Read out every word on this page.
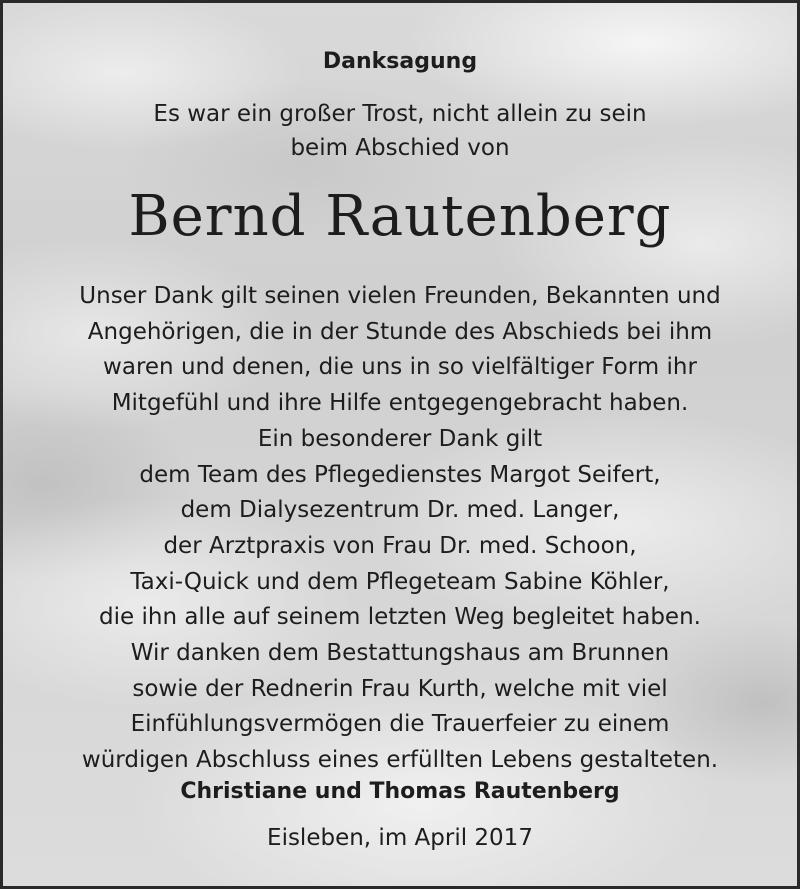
Danksagung

Es war ein großer Trost, nicht allein zu sein
beim Abschied von

Bernd Rautenberg

Unser Dank gilt seinen vielen Freunden, Bekannten und
Angehörigen, die in der Stunde des Abschieds bei ihm
waren und denen, die uns in so vielfältiger Form ihr
Mitgefühl und ihre Hilfe entgegengebracht haben.
Ein besonderer Dank gilt
dem Team des Pflegedienstes Margot Seifert,
dem Dialysezentrum Dr. med. Langer,
der Arztpraxis von Frau Dr. med. Schoon,
Taxi-Quick und dem Pflegeteam Sabine Köhler,
die ihn alle auf seinem letzten Weg begleitet haben.
Wir danken dem Bestattungshaus am Brunnen
sowie der Rednerin Frau Kurth, welche mit viel
Einfühlungsvermögen die Trauerfeier zu einem
würdigen Abschluss eines erfüllten Lebens gestalteten.

Christiane und Thomas Rautenberg

Eisleben, im April 2017
